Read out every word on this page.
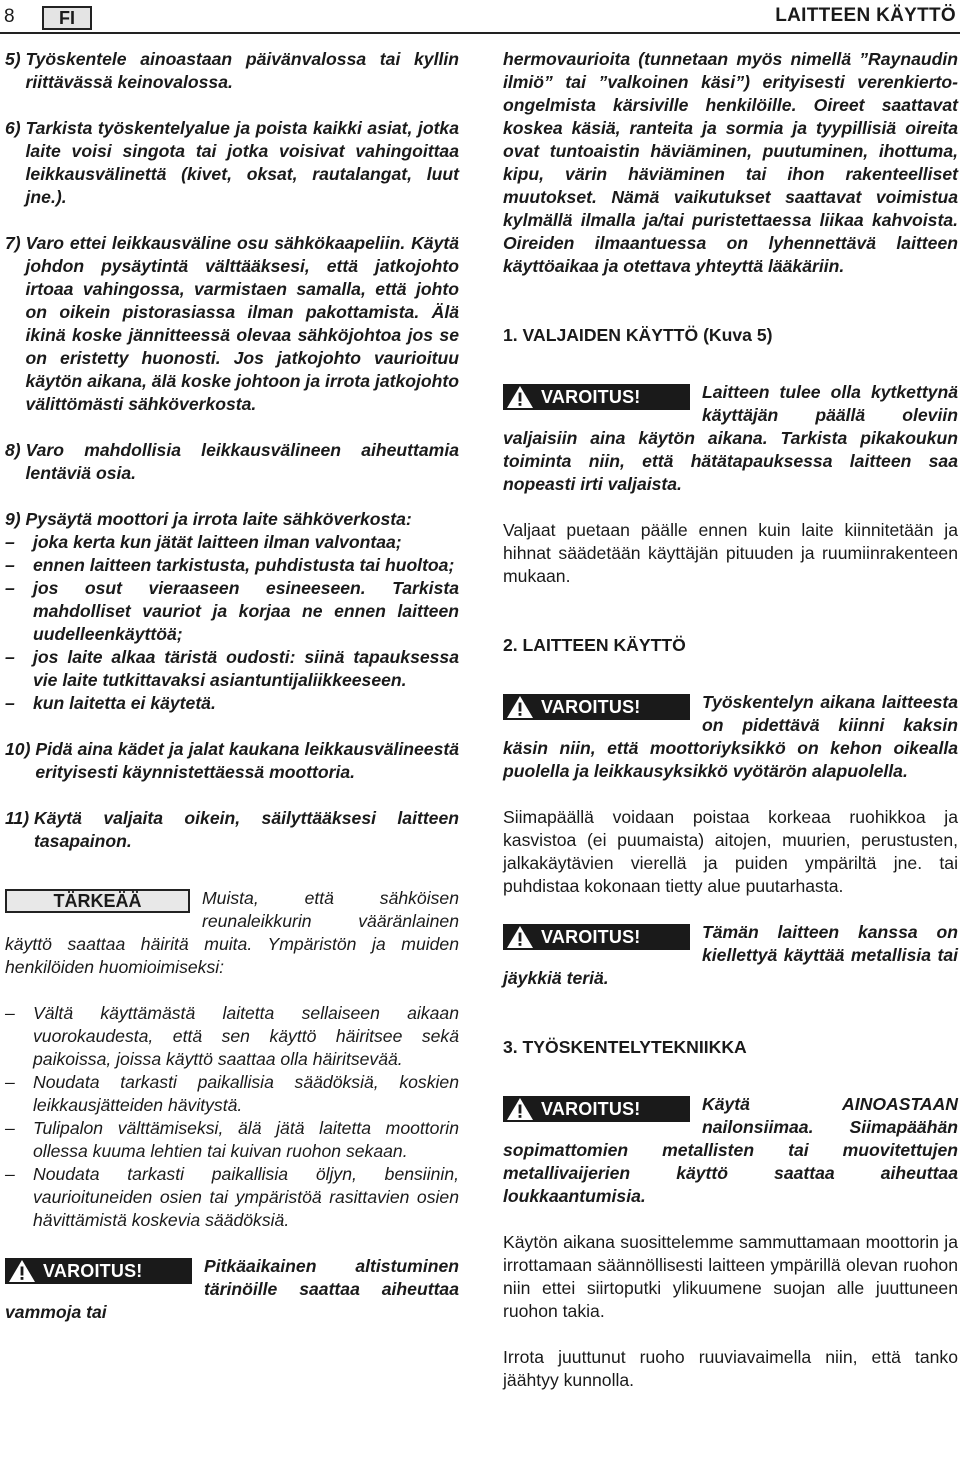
8	FI	LAITTEEN KÄYTTÖ
5) Työskentele ainoastaan päivänvalossa tai kyllin riittävässä keinovalossa.
6) Tarkista työskentelyalue ja poista kaikki asiat, jotka laite voisi singota tai jotka voisivat vahingoittaa leikkausvälinettä (kivet, oksat, rautalangat, luut jne.).
7) Varo ettei leikkausväline osu sähkökaapeliin. Käytä johdon pysäytintä välttääksesi, että jatkojohto irtoaa vahingossa, varmistaen samalla, että johto on oikein pistorasiassa ilman pakottamista. Älä ikinä koske jännitteessä olevaa sähköjohtoa jos se on eristetty huonosti. Jos jatkojohto vaurioituu käytön aikana, älä koske johtoon ja irrota jatkojohto välittömästi sähköverkosta.
8) Varo mahdollisia leikkausvälineen aiheuttamia lentäviä osia.
9) Pysäytä moottori ja irrota laite sähköverkosta:
–	joka kerta kun jätät laitteen ilman valvontaa;
–	ennen laitteen tarkistusta, puhdistusta tai huoltoa;
–	jos osut vieraaseen esineeseen. Tarkista mahdolliset vauriot ja korjaa ne ennen laitteen uudelleenkäyttöä;
–	jos laite alkaa täristä oudosti: siinä tapauksessa vie laite tutkittavaksi asiantuntijaliikkeeseen.
–	kun laitetta ei käytetä.
10) Pidä aina kädet ja jalat kaukana leikkausvälineestä erityisesti käynnistettäessä moottoria.
11) Käytä valjaita oikein, säilyttääksesi laitteen tasapainon.
TÄRKEÄÄ	Muista, että sähköisen reunaleikkurin vääränlainen käyttö saattaa häiritä muita. Ympäristön ja muiden henkilöiden huomioimiseksi:

–	Vältä käyttämästä laitetta sellaiseen aikaan vuorokaudesta, että sen käyttö häiritsee sekä paikoissa, joissa käyttö saattaa olla häiritsevää.
–	Noudata tarkasti paikallisia säädöksiä, koskien leikkausjätteiden hävitystä.
–	Tulipalon välttämiseksi, älä jätä laitetta moottorin ollessa kuuma lehtien tai kuivan ruohon sekaan.
–	Noudata tarkasti paikallisia öljyn, bensiinin, vaurioituneiden osien tai ympäristöä rasittavien osien hävittämistä koskevia säädöksiä.
VAROITUS!	Pitkäaikainen altistuminen tärinöille saattaa aiheuttaa vammoja tai

hermovaurioita (tunnetaan myös nimellä ”Raynaudin ilmiö” tai ”valkoinen käsi”) erityisesti verenkierto-ongelmista kärsiville henkilöille. Oireet saattavat koskea käsiä, ranteita ja sormia ja tyypillisiä oireita ovat tuntoaistin häviäminen, puutuminen, ihottuma, kipu, värin häviäminen tai ihon rakenteelliset muutokset. Nämä vaikutukset saattavat voimistua kylmällä ilmalla ja/tai puristettaessa liikaa kahvoista. Oireiden ilmaantuessa on lyhennettävä laitteen käyttöaikaa ja otettava yhteyttä lääkäriin.

1. VALJAIDEN KÄYTTÖ (Kuva 5)
VAROITUS!	Laitteen tulee olla kytkettynä käyttäjän päällä oleviin valjaisiin aina käytön aikana. Tarkista pikakoukun toiminta niin, että hätätapauksessa laitteen saa nopeasti irti valjaista.

Valjaat puetaan päälle ennen kuin laite kiinnitetään ja hihnat säädetään käyttäjän pituuden ja ruumiinrakenteen mukaan.

2. LAITTEEN KÄYTTÖ
VAROITUS!	Työskentelyn aikana laitteesta on pidettävä kiinni kaksin käsin niin, että moottoriyksikkö on kehon oikealla puolella ja leikkausyksikkö vyötärön alapuolella.

Siimapäällä voidaan poistaa korkeaa ruohikkoa ja kasvistoa (ei puumaista) aitojen, muurien, perustusten, jalkakäytävien vierellä ja puiden ympäriltä jne. tai puhdistaa kokonaan tietty alue puutarhasta.

VAROITUS!	Tämän laitteen kanssa on kiellettyä käyttää metallisia tai jäykkiä teriä.

3. TYÖSKENTELYTEKNIIKKA
VAROITUS!	Käytä AINOASTAAN nailonsiimaa. Siimapäähän sopimattomien metallisten tai muovitettujen metallivaijerien käyttö saattaa aiheuttaa loukkaantumisia.

Käytön aikana suosittelemme sammuttamaan moottorin ja irrottamaan säännöllisesti laitteen ympärillä olevan ruohon niin ettei siirtoputki ylikuumene suojan alle juuttuneen ruohon takia.

Irrota juuttunut ruoho ruuviavaimella niin, että tanko jäähtyy kunnolla.
